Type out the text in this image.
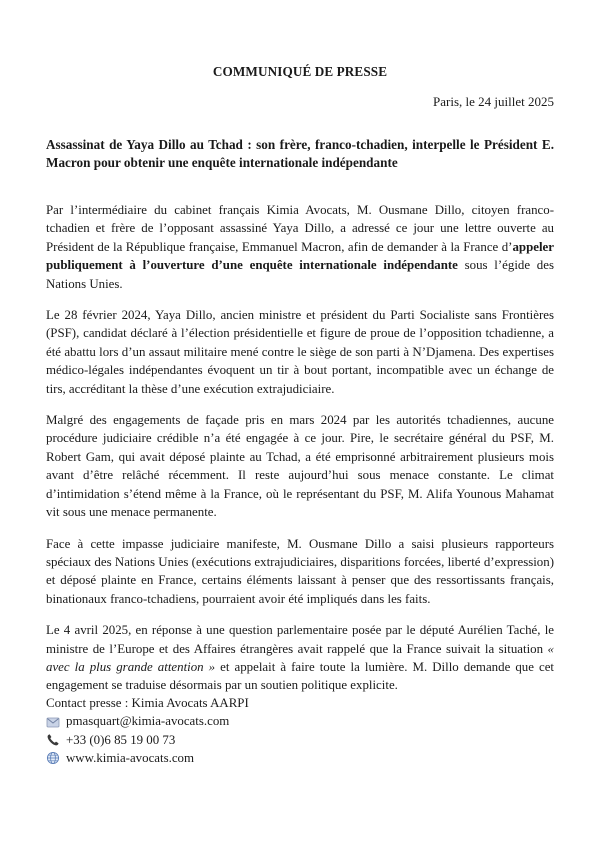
COMMUNIQUÉ DE PRESSE
Paris, le 24 juillet 2025
Assassinat de Yaya Dillo au Tchad : son frère, franco-tchadien, interpelle le Président E. Macron pour obtenir une enquête internationale indépendante

Par l’intermédiaire du cabinet français Kimia Avocats, M. Ousmane Dillo, citoyen franco-tchadien et frère de l’opposant assassiné Yaya Dillo, a adressé ce jour une lettre ouverte au Président de la République française, Emmanuel Macron, afin de demander à la France d’appeler publiquement à l’ouverture d’une enquête internationale indépendante sous l’égide des Nations Unies.

Le 28 février 2024, Yaya Dillo, ancien ministre et président du Parti Socialiste sans Frontières (PSF), candidat déclaré à l’élection présidentielle et figure de proue de l’opposition tchadienne, a été abattu lors d’un assaut militaire mené contre le siège de son parti à N’Djamena. Des expertises médico-légales indépendantes évoquent un tir à bout portant, incompatible avec un échange de tirs, accréditant la thèse d’une exécution extrajudiciaire.

Malgré des engagements de façade pris en mars 2024 par les autorités tchadiennes, aucune procédure judiciaire crédible n’a été engagée à ce jour. Pire, le secrétaire général du PSF, M. Robert Gam, qui avait déposé plainte au Tchad, a été emprisonné arbitrairement plusieurs mois avant d’être relâché récemment. Il reste aujourd’hui sous menace constante. Le climat d’intimidation s’étend même à la France, où le représentant du PSF, M. Alifa Younous Mahamat vit sous une menace permanente.

Face à cette impasse judiciaire manifeste, M. Ousmane Dillo a saisi plusieurs rapporteurs spéciaux des Nations Unies (exécutions extrajudiciaires, disparitions forcées, liberté d’expression) et déposé plainte en France, certains éléments laissant à penser que des ressortissants français, binationaux franco-tchadiens, pourraient avoir été impliqués dans les faits.

Le 4 avril 2025, en réponse à une question parlementaire posée par le député Aurélien Taché, le ministre de l’Europe et des Affaires étrangères avait rappelé que la France suivait la situation « avec la plus grande attention » et appelait à faire toute la lumière. M. Dillo demande que cet engagement se traduise désormais par un soutien politique explicite.

Contact presse : Kimia Avocats AARPI
pmasquart@kimia-avocats.com
+33 (0)6 85 19 00 73
www.kimia-avocats.com
